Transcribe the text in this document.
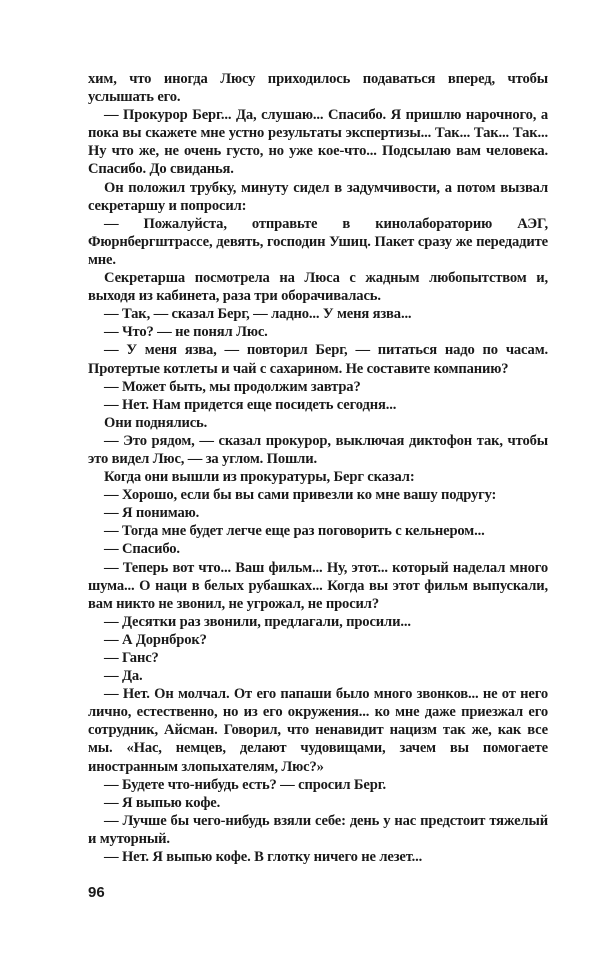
хим, что иногда Люсу приходилось подаваться вперед, чтобы услышать его.

— Прокурор Берг... Да, слушаю... Спасибо. Я пришлю нарочного, а пока вы скажете мне устно результаты экспертизы... Так... Так... Так... Ну что же, не очень густо, но уже кое-что... Подсылаю вам человека. Спасибо. До свиданья.

Он положил трубку, минуту сидел в задумчивости, а потом вызвал секретаршу и попросил:

— Пожалуйста, отправьте в кинолабораторию АЭГ, Фюрнбергштрассе, девять, господин Ушиц. Пакет сразу же передадите мне.

Секретарша посмотрела на Люса с жадным любопытством и, выходя из кабинета, раза три оборачивалась.

— Так, — сказал Берг, — ладно... У меня язва...

— Что? — не понял Люс.

— У меня язва, — повторил Берг, — питаться надо по часам. Протертые котлеты и чай с сахарином. Не составите компанию?

— Может быть, мы продолжим завтра?

— Нет. Нам придется еще посидеть сегодня...

Они поднялись.

— Это рядом, — сказал прокурор, выключая диктофон так, чтобы это видел Люс, — за углом. Пошли.

Когда они вышли из прокуратуры, Берг сказал:

— Хорошо, если бы вы сами привезли ко мне вашу подругу:

— Я понимаю.

— Тогда мне будет легче еще раз поговорить с кельнером...

— Спасибо.

— Теперь вот что... Ваш фильм... Ну, этот... который наделал много шума... О наци в белых рубашках... Когда вы этот фильм выпускали, вам никто не звонил, не угрожал, не просил?

— Десятки раз звонили, предлагали, просили...

— А Дорнброк?

— Ганс?

— Да.

— Нет. Он молчал. От его папаши было много звонков... не от него лично, естественно, но из его окружения... ко мне даже приезжал его сотрудник, Айсман. Говорил, что ненавидит нацизм так же, как все мы. «Нас, немцев, делают чудовищами, зачем вы помогаете иностранным злопыхателям, Люс?»

— Будете что-нибудь есть? — спросил Берг.

— Я выпью кофе.

— Лучше бы чего-нибудь взяли себе: день у нас предстоит тяжелый и муторный.

— Нет. Я выпью кофе. В глотку ничего не лезет...

96
